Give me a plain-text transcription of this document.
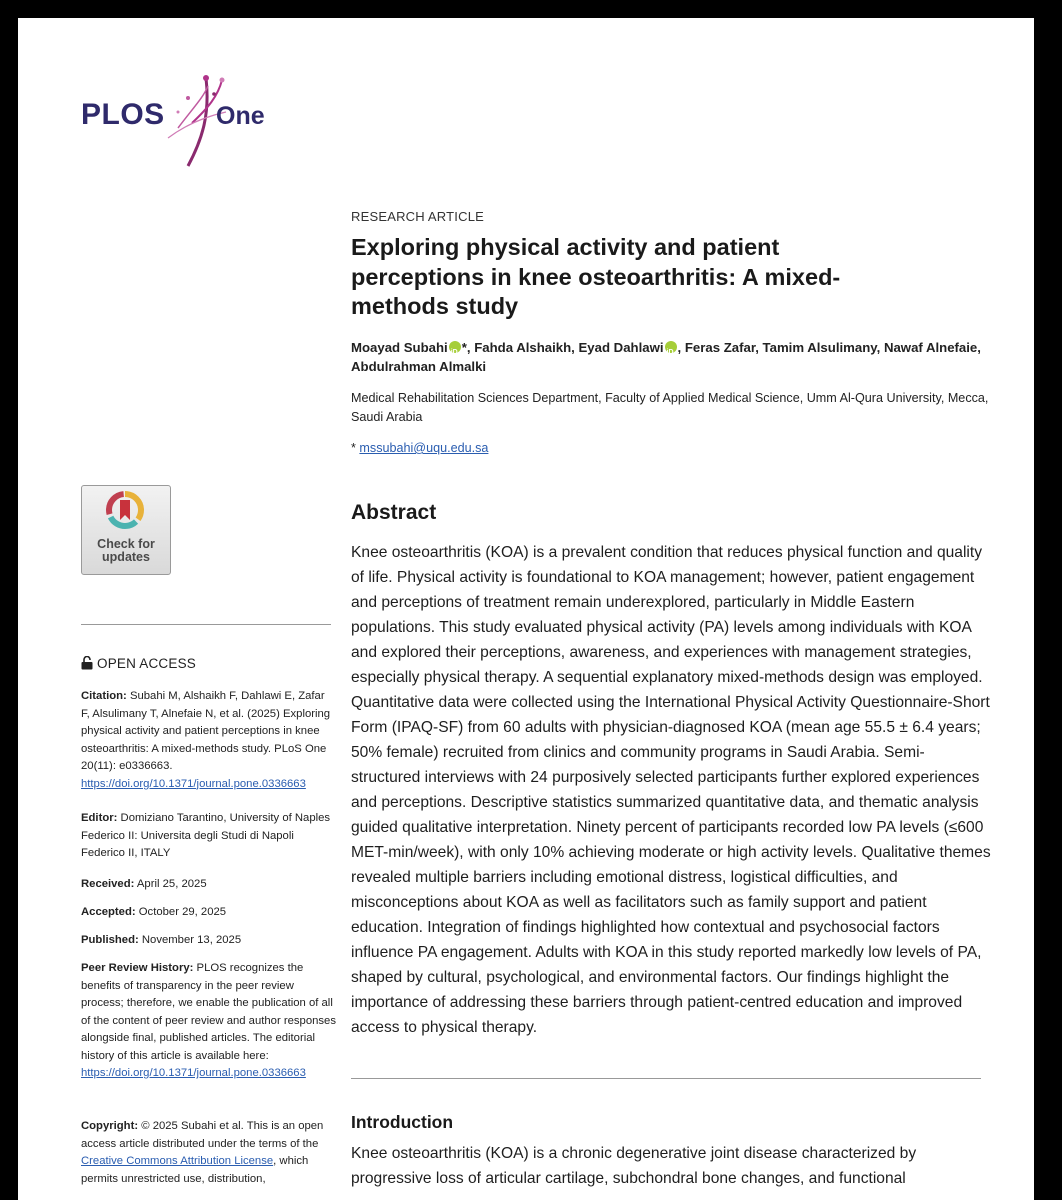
PLOS One
RESEARCH ARTICLE
Exploring physical activity and patient perceptions in knee osteoarthritis: A mixed-methods study
Moayad Subahi iD *, Fahda Alshaikh, Eyad Dahlawi iD , Feras Zafar, Tamim Alsulimany, Nawaf Alnefaie, Abdulrahman Almalki
Medical Rehabilitation Sciences Department, Faculty of Applied Medical Science, Umm Al-Qura University, Mecca, Saudi Arabia
* mssubahi@uqu.edu.sa
Check for
updates
OPEN ACCESS
Citation: Subahi M, Alshaikh F, Dahlawi E, Zafar F, Alsulimany T, Alnefaie N, et al. (2025) Exploring physical activity and patient perceptions in knee osteoarthritis: A mixed-methods study. PLoS One 20(11): e0336663. https://doi.org/10.1371/journal.pone.0336663
Editor: Domiziano Tarantino, University of Naples Federico II: Universita degli Studi di Napoli Federico II, ITALY
Received: April 25, 2025
Accepted: October 29, 2025
Published: November 13, 2025
Peer Review History: PLOS recognizes the benefits of transparency in the peer review process; therefore, we enable the publication of all of the content of peer review and author responses alongside final, published articles. The editorial history of this article is available here: https://doi.org/10.1371/journal.pone.0336663
Copyright: © 2025 Subahi et al. This is an open access article distributed under the terms of the Creative Commons Attribution License, which permits unrestricted use, distribution,
Abstract
Knee osteoarthritis (KOA) is a prevalent condition that reduces physical function and quality of life. Physical activity is foundational to KOA management; however, patient engagement and perceptions of treatment remain underexplored, particularly in Middle Eastern populations. This study evaluated physical activity (PA) levels among individuals with KOA and explored their perceptions, awareness, and experiences with management strategies, especially physical therapy. A sequential explanatory mixed-methods design was employed. Quantitative data were collected using the International Physical Activity Questionnaire-Short Form (IPAQ-SF) from 60 adults with physician-diagnosed KOA (mean age 55.5 ± 6.4 years; 50% female) recruited from clinics and community programs in Saudi Arabia. Semi-structured interviews with 24 purposively selected participants further explored experiences and perceptions. Descriptive statistics summarized quantitative data, and thematic analysis guided qualitative interpretation. Ninety percent of participants recorded low PA levels (≤600 MET-min/week), with only 10% achieving moderate or high activity levels. Qualitative themes revealed multiple barriers including emotional distress, logistical difficulties, and misconceptions about KOA as well as facilitators such as family support and patient education. Integration of findings highlighted how contextual and psychosocial factors influence PA engagement. Adults with KOA in this study reported markedly low levels of PA, shaped by cultural, psychological, and environmental factors. Our findings highlight the importance of addressing these barriers through patient-centred education and improved access to physical therapy.
Introduction
Knee osteoarthritis (KOA) is a chronic degenerative joint disease characterized by progressive loss of articular cartilage, subchondral bone changes, and functional
